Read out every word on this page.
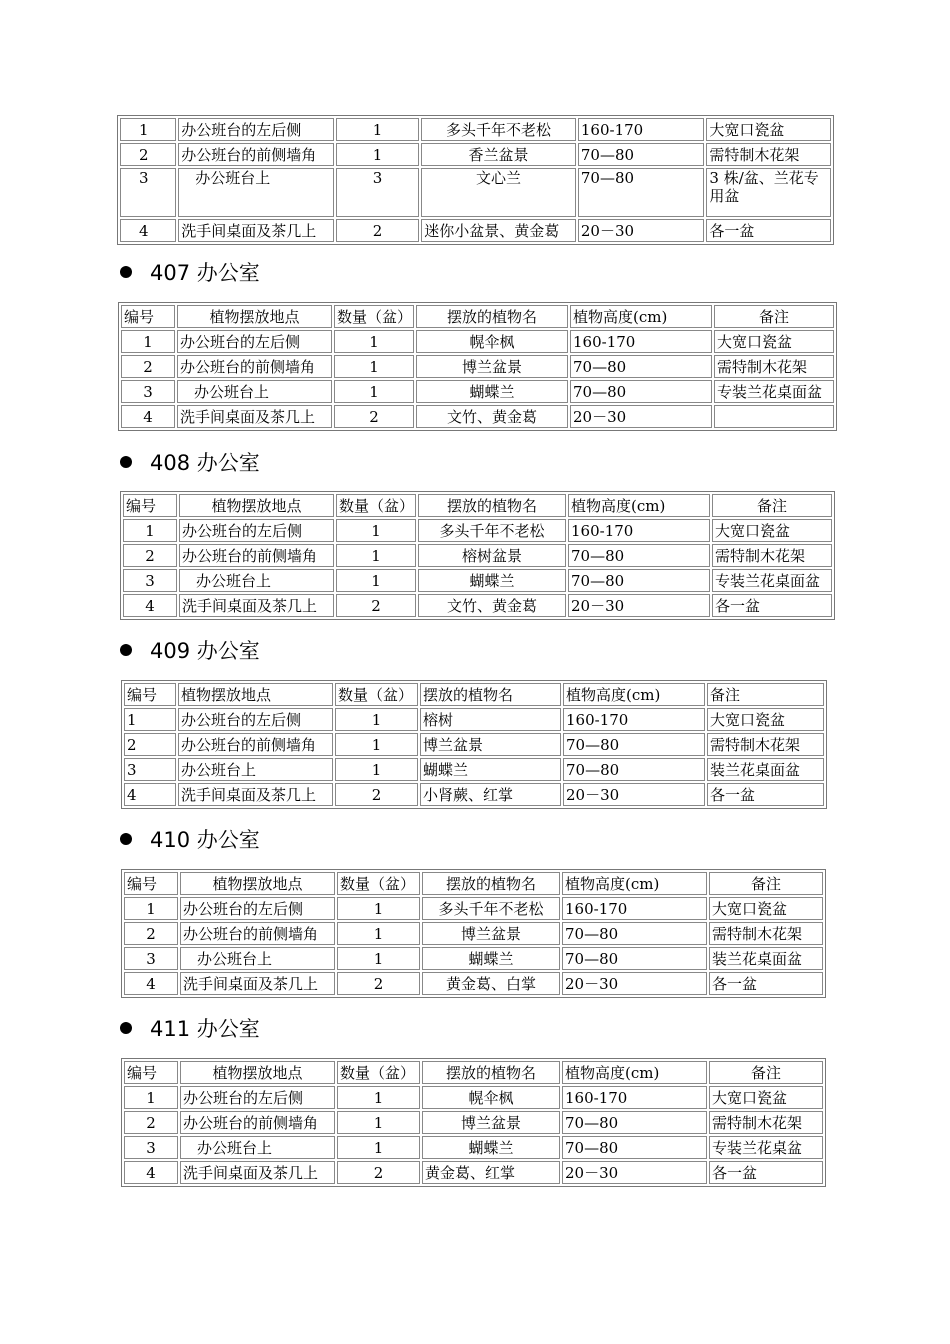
1	办公班台的左后侧	1	多头千年不老松	160-170	大宽口瓷盆
2	办公班台的前侧墙角	1	香兰盆景	70—80	需特制木花架
3	办公班台上	3	文心兰	70—80	3 株/盆、兰花专用盆
4	洗手间桌面及茶几上	2	迷你小盆景、黄金葛	20－30	各一盆
407 办公室
编号	植物摆放地点	数量（盆）	摆放的植物名	植物高度(cm)	备注
1	办公班台的左后侧	1	幌伞枫	160-170	大宽口瓷盆
2	办公班台的前侧墙角	1	博兰盆景	70—80	需特制木花架
3	办公班台上	1	蝴蝶兰	70—80	专装兰花桌面盆
4	洗手间桌面及茶几上	2	文竹、黄金葛	20－30	
408 办公室
编号	植物摆放地点	数量（盆）	摆放的植物名	植物高度(cm)	备注
1	办公班台的左后侧	1	多头千年不老松	160-170	大宽口瓷盆
2	办公班台的前侧墙角	1	榕树盆景	70—80	需特制木花架
3	办公班台上	1	蝴蝶兰	70—80	专装兰花桌面盆
4	洗手间桌面及茶几上	2	文竹、黄金葛	20－30	各一盆
409 办公室
编号	植物摆放地点	数量（盆）	摆放的植物名	植物高度(cm)	备注
1	办公班台的左后侧	1	榕树	160-170	大宽口瓷盆
2	办公班台的前侧墙角	1	博兰盆景	70—80	需特制木花架
3	办公班台上	1	蝴蝶兰	70—80	装兰花桌面盆
4	洗手间桌面及茶几上	2	小肾蕨、红掌	20－30	各一盆
410 办公室
编号	植物摆放地点	数量（盆）	摆放的植物名	植物高度(cm)	备注
1	办公班台的左后侧	1	多头千年不老松	160-170	大宽口瓷盆
2	办公班台的前侧墙角	1	博兰盆景	70—80	需特制木花架
3	办公班台上	1	蝴蝶兰	70—80	装兰花桌面盆
4	洗手间桌面及茶几上	2	黄金葛、白掌	20－30	各一盆
411 办公室
编号	植物摆放地点	数量（盆）	摆放的植物名	植物高度(cm)	备注
1	办公班台的左后侧	1	幌伞枫	160-170	大宽口瓷盆
2	办公班台的前侧墙角	1	博兰盆景	70—80	需特制木花架
3	办公班台上	1	蝴蝶兰	70—80	专装兰花桌盆
4	洗手间桌面及茶几上	2	黄金葛、红掌	20－30	各一盆
